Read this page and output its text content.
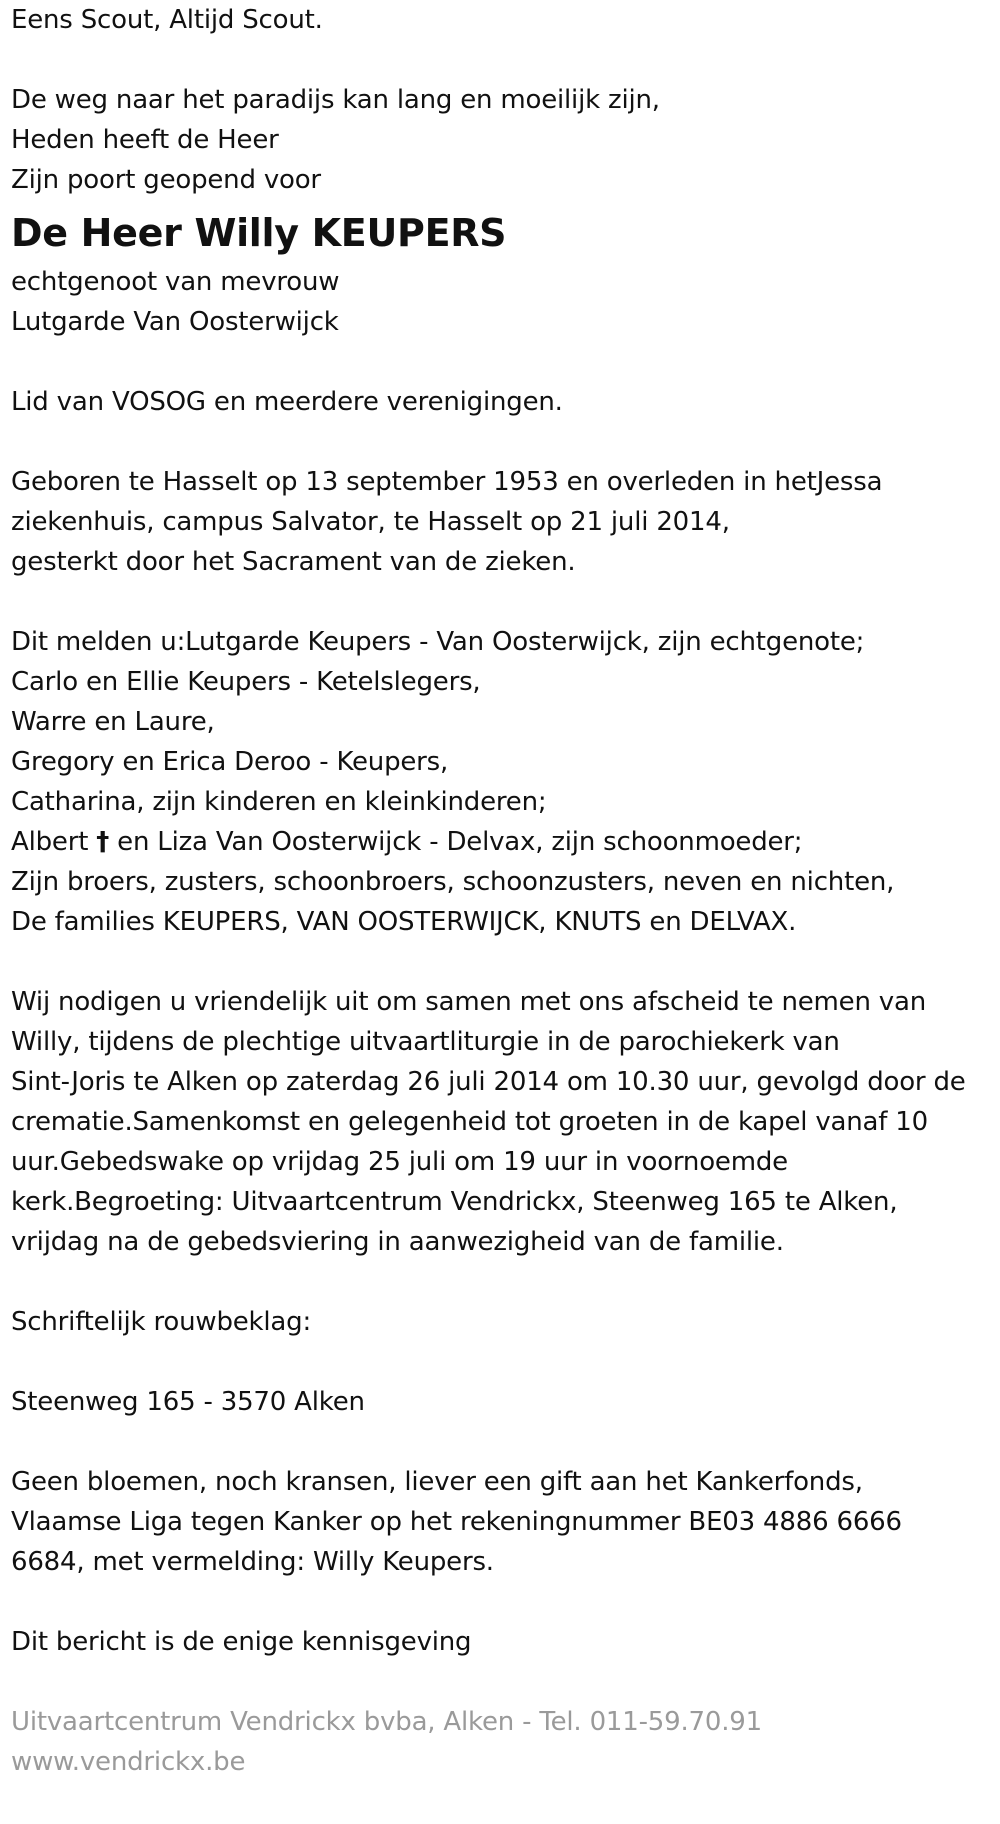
Eens Scout, Altijd Scout.
De weg naar het paradijs kan lang en moeilijk zijn,
Heden heeft de Heer
Zijn poort geopend voor
De Heer Willy KEUPERS
echtgenoot van mevrouw
Lutgarde Van Oosterwijck
Lid van VOSOG en meerdere verenigingen.
Geboren te Hasselt op 13 september 1953 en overleden in hetJessa
ziekenhuis, campus Salvator, te Hasselt op 21 juli 2014,
gesterkt door het Sacrament van de zieken.
Dit melden u:Lutgarde Keupers - Van Oosterwijck, zijn echtgenote;
Carlo en Ellie Keupers - Ketelslegers,
Warre en Laure,
Gregory en Erica Deroo - Keupers,
Catharina, zijn kinderen en kleinkinderen;
Albert † en Liza Van Oosterwijck - Delvax, zijn schoonmoeder;
Zijn broers, zusters, schoonbroers, schoonzusters, neven en nichten,
De families KEUPERS, VAN OOSTERWIJCK, KNUTS en DELVAX.
Wij nodigen u vriendelijk uit om samen met ons afscheid te nemen van
Willy, tijdens de plechtige uitvaartliturgie in de parochiekerk van
Sint-Joris te Alken op zaterdag 26 juli 2014 om 10.30 uur, gevolgd door de
crematie.Samenkomst en gelegenheid tot groeten in de kapel vanaf 10
uur.Gebedswake op vrijdag 25 juli om 19 uur in voornoemde
kerk.Begroeting: Uitvaartcentrum Vendrickx, Steenweg 165 te Alken,
vrijdag na de gebedsviering in aanwezigheid van de familie.
Schriftelijk rouwbeklag:
Steenweg 165 - 3570 Alken
Geen bloemen, noch kransen, liever een gift aan het Kankerfonds,
Vlaamse Liga tegen Kanker op het rekeningnummer BE03 4886 6666
6684, met vermelding: Willy Keupers.
Dit bericht is de enige kennisgeving
Uitvaartcentrum Vendrickx bvba, Alken - Tel. 011-59.70.91
www.vendrickx.be
